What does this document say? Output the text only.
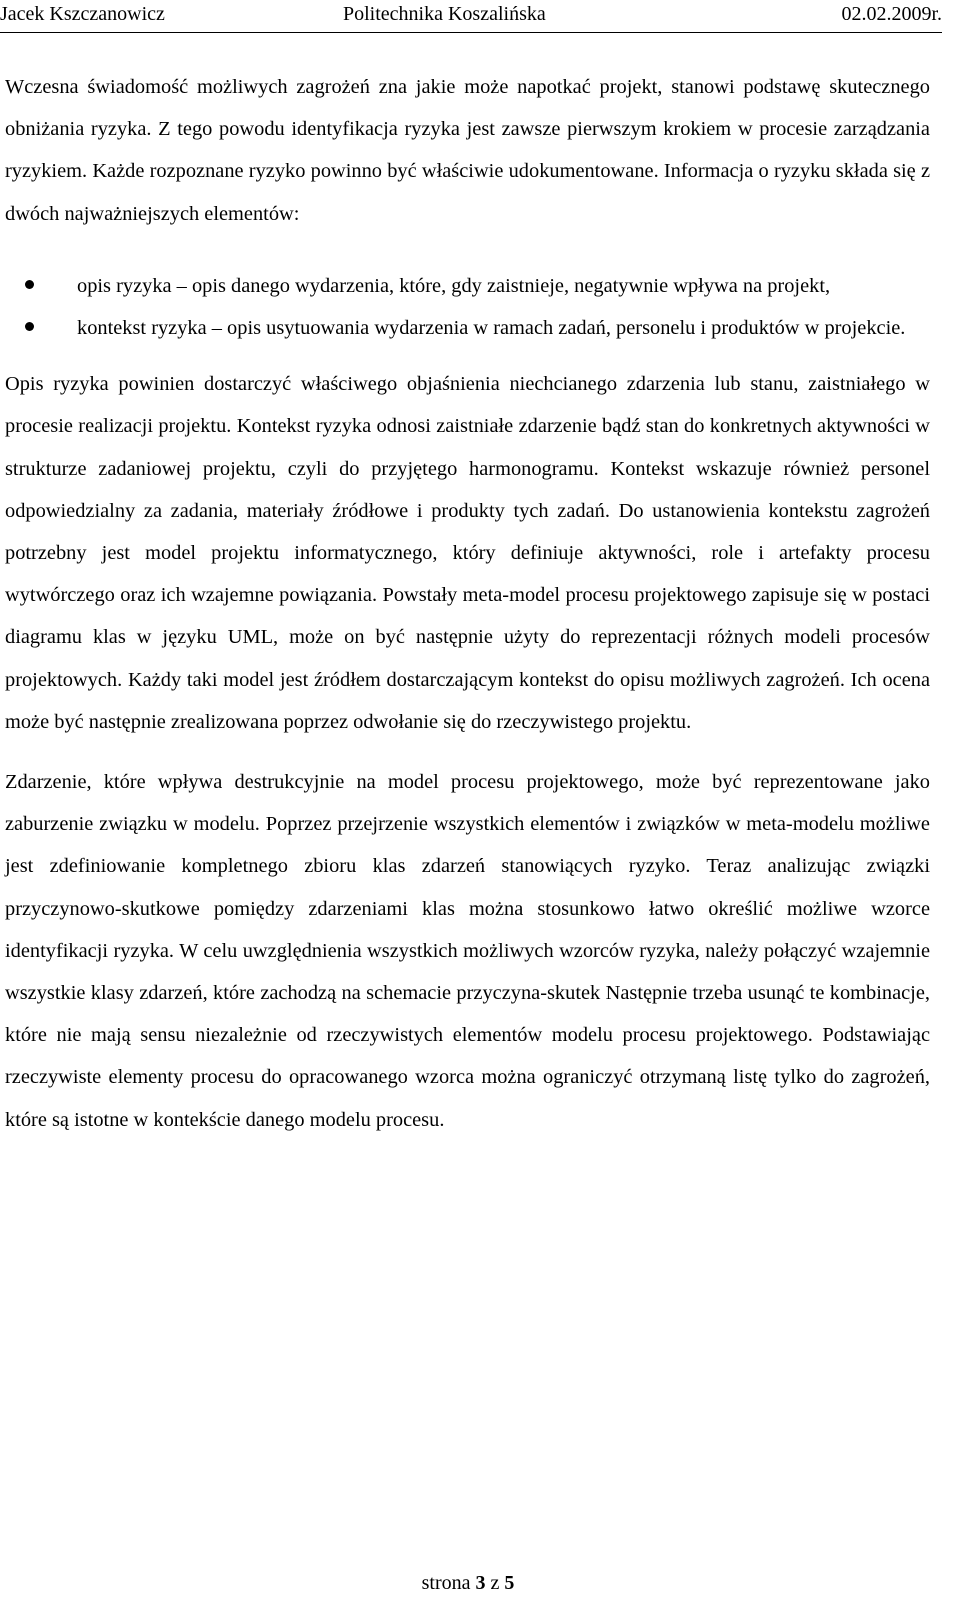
Jacek Kszczanowicz	Politechnika Koszalińska	02.02.2009r.

Wczesna świadomość możliwych zagrożeń zna jakie może napotkać projekt, stanowi podstawę skutecznego obniżania ryzyka. Z tego powodu identyfikacja ryzyka jest zawsze pierwszym krokiem w procesie zarządzania ryzykiem. Każde rozpoznane ryzyko powinno być właściwie udokumentowane. Informacja o ryzyku składa się z dwóch najważniejszych elementów:

opis ryzyka – opis danego wydarzenia, które, gdy zaistnieje, negatywnie wpływa na projekt,
kontekst ryzyka – opis usytuowania wydarzenia w ramach zadań, personelu i produktów w projekcie.

Opis ryzyka powinien dostarczyć właściwego objaśnienia niechcianego zdarzenia lub stanu, zaistniałego w procesie realizacji projektu. Kontekst ryzyka odnosi zaistniałe zdarzenie bądź stan do konkretnych aktywności w strukturze zadaniowej projektu, czyli do przyjętego harmonogramu. Kontekst wskazuje również personel odpowiedzialny za zadania, materiały źródłowe i produkty tych zadań. Do ustanowienia kontekstu zagrożeń potrzebny jest model projektu informatycznego, który definiuje aktywności, role i artefakty procesu wytwórczego oraz ich wzajemne powiązania. Powstały meta-model procesu projektowego zapisuje się w postaci diagramu klas w języku UML, może on być następnie użyty do reprezentacji różnych modeli procesów projektowych. Każdy taki model jest źródłem dostarczającym kontekst do opisu możliwych zagrożeń. Ich ocena może być następnie zrealizowana poprzez odwołanie się do rzeczywistego projektu.

Zdarzenie, które wpływa destrukcyjnie na model procesu projektowego, może być reprezentowane jako zaburzenie związku w modelu. Poprzez przejrzenie wszystkich elementów i związków w meta-modelu możliwe jest zdefiniowanie kompletnego zbioru klas zdarzeń stanowiących ryzyko. Teraz analizując związki przyczynowo-skutkowe pomiędzy zdarzeniami klas można stosunkowo łatwo określić możliwe wzorce identyfikacji ryzyka. W celu uwzględnienia wszystkich możliwych wzorców ryzyka, należy połączyć wzajemnie wszystkie klasy zdarzeń, które zachodzą na schemacie przyczyna-skutek Następnie trzeba usunąć te kombinacje, które nie mają sensu niezależnie od rzeczywistych elementów modelu procesu projektowego. Podstawiając rzeczywiste elementy procesu do opracowanego wzorca można ograniczyć otrzymaną listę tylko do zagrożeń, które są istotne w kontekście danego modelu procesu.

strona 3 z 5
